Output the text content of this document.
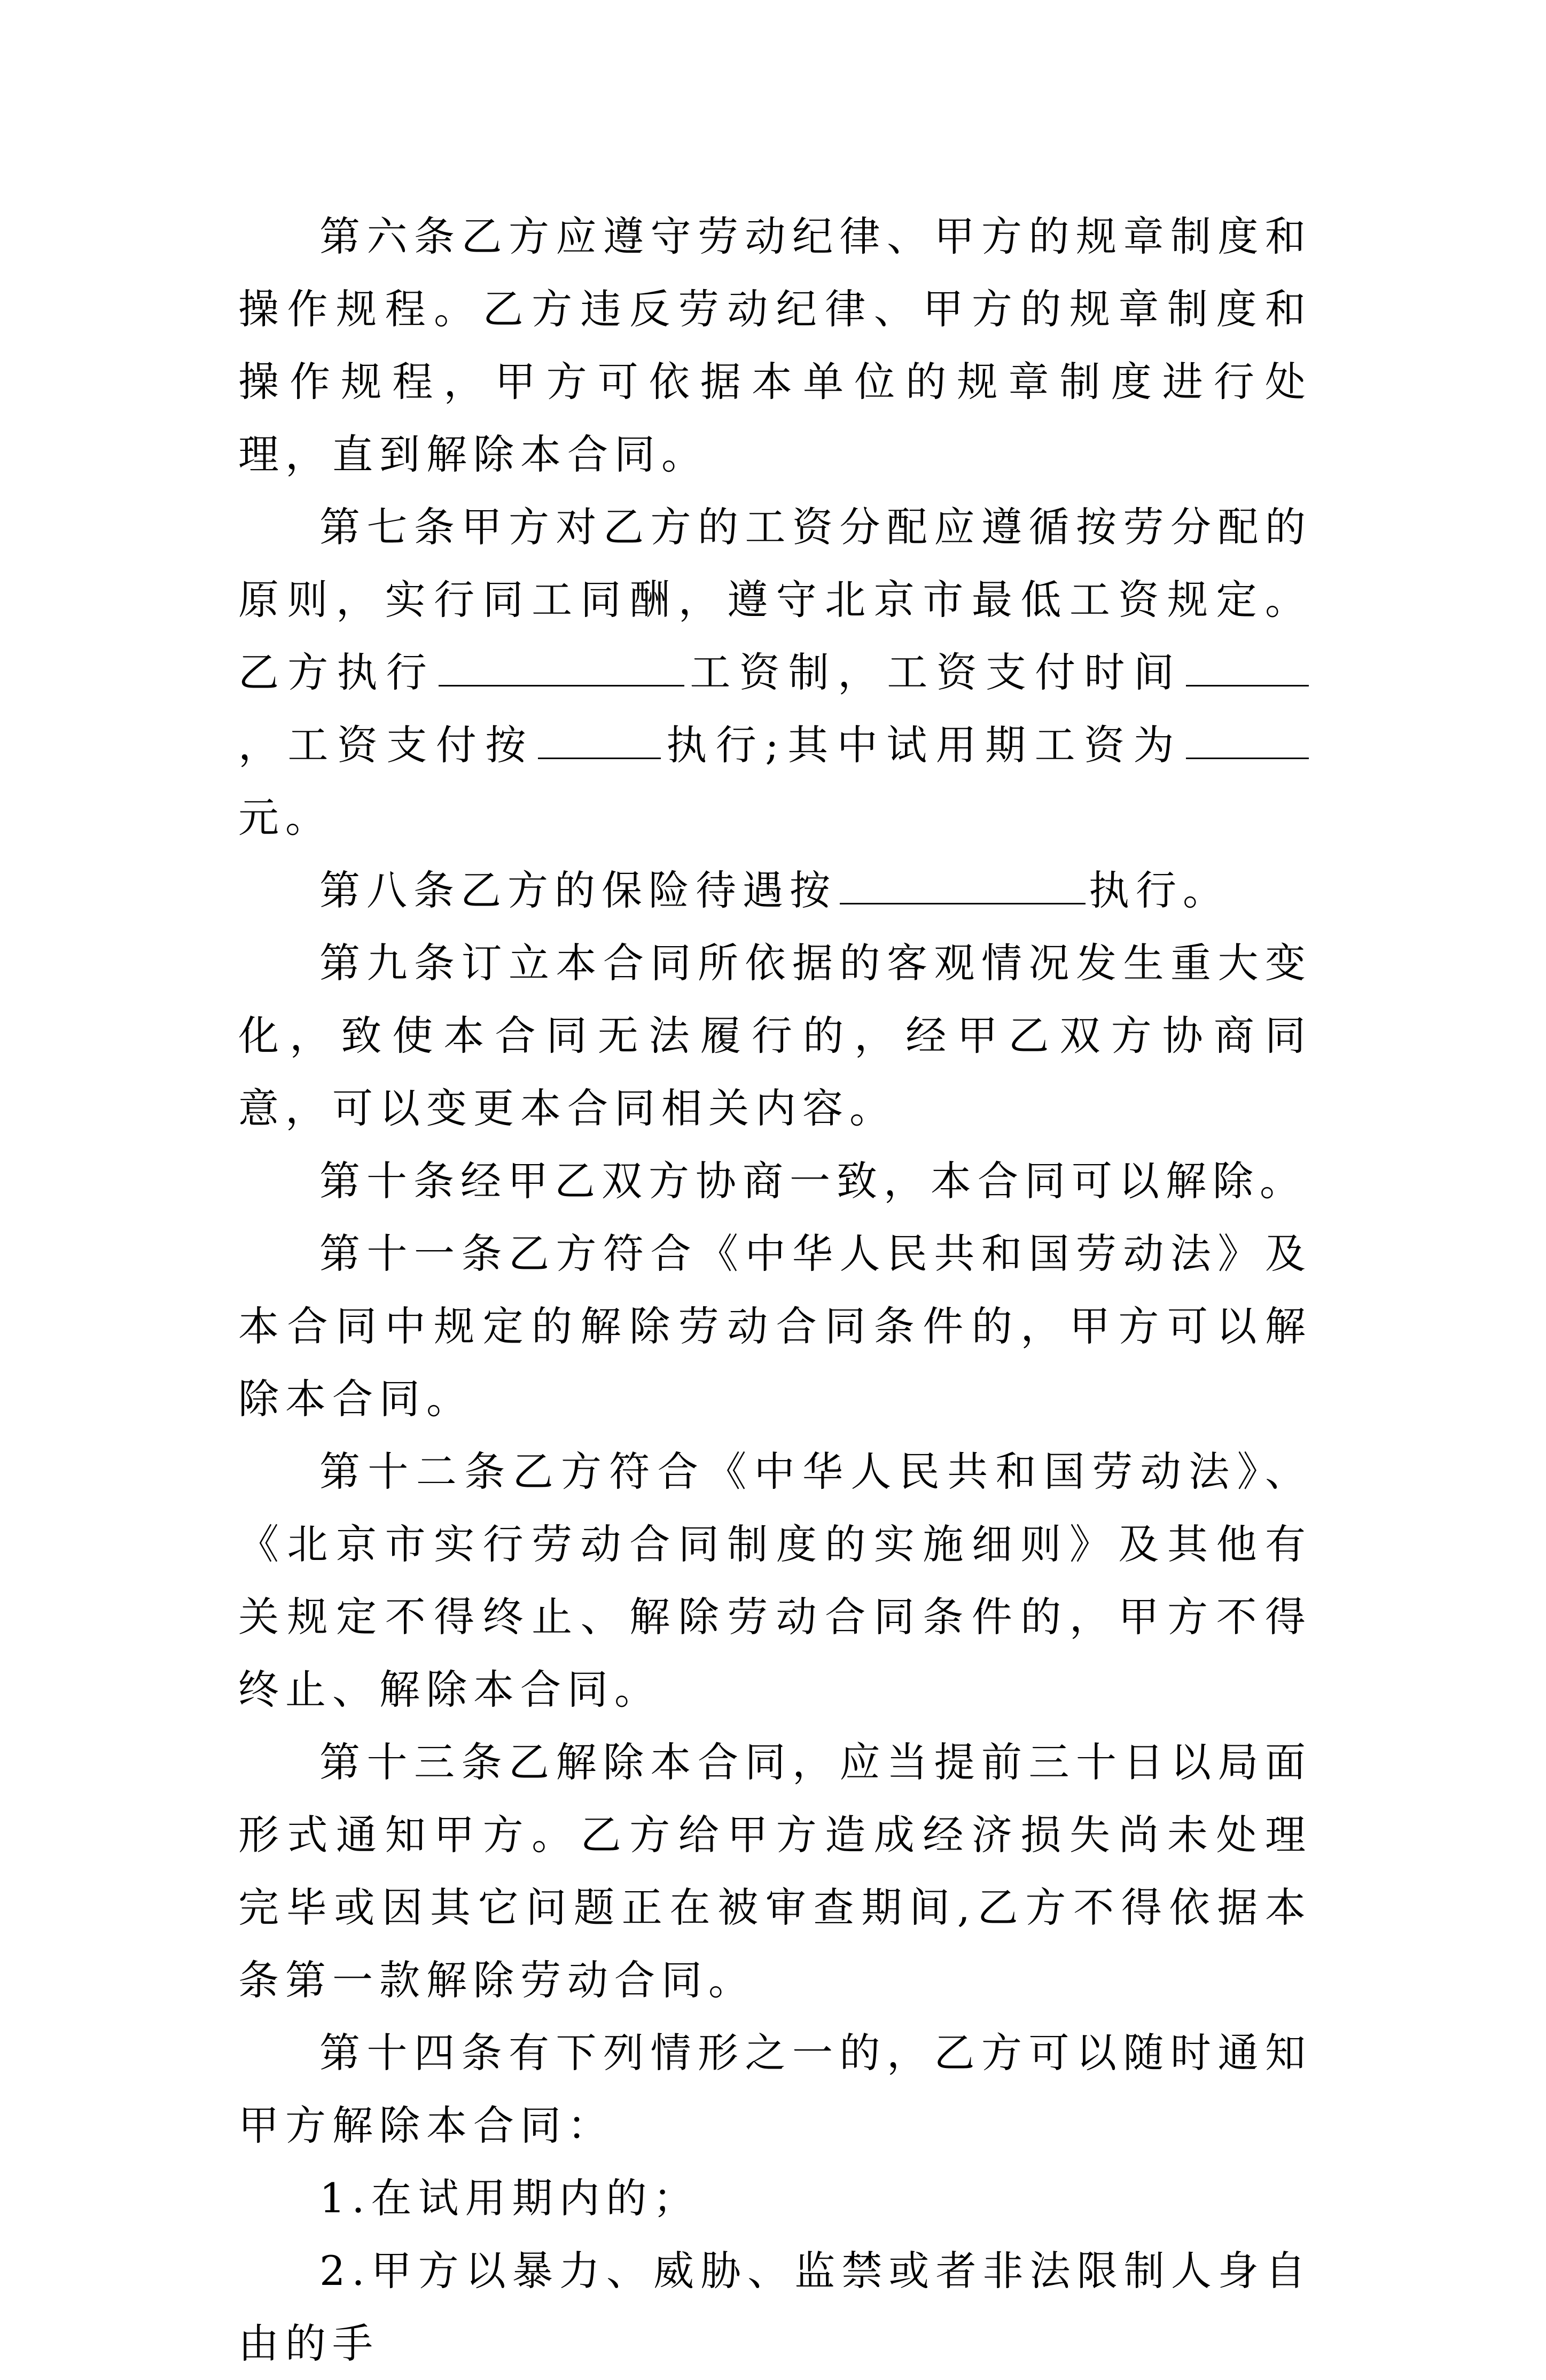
第六条乙方应遵守劳动纪律、甲方的规章制度和操作规程。乙方违反劳动纪律、甲方的规章制度和操作规程，甲方可依据本单位的规章制度进行处理，直到解除本合同。

第七条甲方对乙方的工资分配应遵循按劳分配的原则，实行同工同酬，遵守北京市最低工资规定。乙方执行	工资制，工资支付时间，工资支付按	执行;其中试用期工资为元。

第八条乙方的保险待遇按	执行。

第九条订立本合同所依据的客观情况发生重大变化，致使本合同无法履行的，经甲乙双方协商同意，可以变更本合同相关内容。

第十条经甲乙双方协商一致，本合同可以解除。

第十一条乙方符合《中华人民共和国劳动法》及本合同中规定的解除劳动合同条件的，甲方可以解除本合同。

第十二条乙方符合《中华人民共和国劳动法》、《北京市实行劳动合同制度的实施细则》及其他有关规定不得终止、解除劳动合同条件的，甲方不得终止、解除本合同。

第十三条乙解除本合同，应当提前三十日以局面形式通知甲方。乙方给甲方造成经济损失尚未处理完毕或因其它问题正在被审查期间,乙方不得依据本条第一款解除劳动合同。

第十四条有下列情形之一的，乙方可以随时通知甲方解除本合同：

1.在试用期内的；

2.甲方以暴力、威胁、监禁或者非法限制人身自由的手
